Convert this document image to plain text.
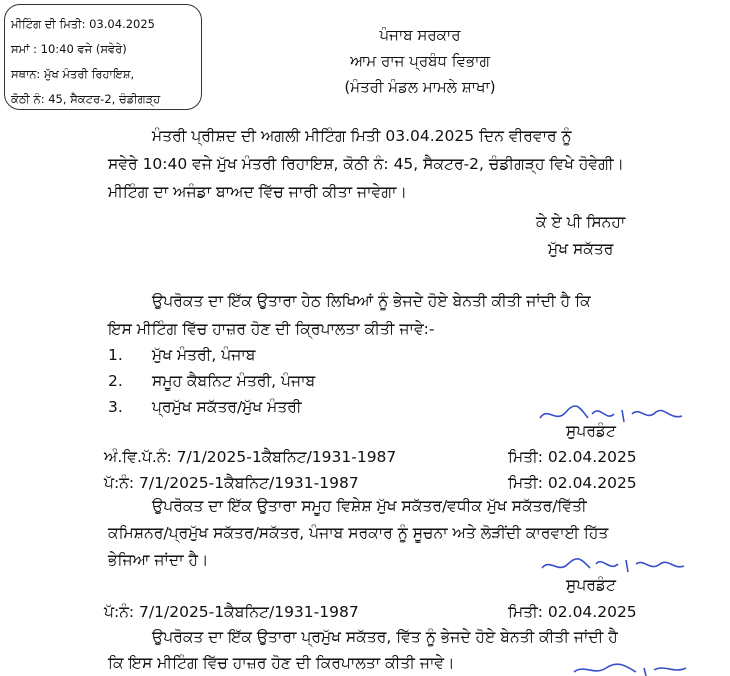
ਮੀਟਿੰਗ ਦੀ ਮਿਤੀ: 03.04.2025
ਸਮਾਂ : 10:40 ਵਜੇ (ਸਵੇਰੇ)
ਸਥਾਨ: ਮੁੱਖ ਮੰਤਰੀ ਰਿਹਾਇਸ਼,
ਕੋਠੀ ਨੰ: 45, ਸੈਕਟਰ-2, ਚੰਡੀਗੜ੍ਹ
ਪੰਜਾਬ ਸਰਕਾਰ
ਆਮ ਰਾਜ ਪ੍ਰਬੰਧ ਵਿਭਾਗ
(ਮੰਤਰੀ ਮੰਡਲ ਮਾਮਲੇ ਸ਼ਾਖਾ)
ਮੰਤਰੀ ਪ੍ਰੀਸ਼ਦ ਦੀ ਅਗਲੀ ਮੀਟਿੰਗ ਮਿਤੀ 03.04.2025 ਦਿਨ ਵੀਰਵਾਰ ਨੂੰ
ਸਵੇਰੇ 10:40 ਵਜੇ ਮੁੱਖ ਮੰਤਰੀ ਰਿਹਾਇਸ਼, ਕੋਠੀ ਨੰ: 45, ਸੈਕਟਰ-2, ਚੰਡੀਗੜ੍ਹ ਵਿਖੇ ਹੋਵੇਗੀ।
ਮੀਟਿੰਗ ਦਾ ਅਜੰਡਾ ਬਾਅਦ ਵਿੱਚ ਜਾਰੀ ਕੀਤਾ ਜਾਵੇਗਾ।
ਕੇ ਏ ਪੀ ਸਿਨਹਾ
ਮੁੱਖ ਸਕੱਤਰ
ਉਪਰੋਕਤ ਦਾ ਇੱਕ ਉਤਾਰਾ ਹੇਠ ਲਿਖਿਆਂ ਨੂੰ ਭੇਜਦੇ ਹੋਏ ਬੇਨਤੀ ਕੀਤੀ ਜਾਂਦੀ ਹੈ ਕਿ
ਇਸ ਮੀਟਿੰਗ ਵਿੱਚ ਹਾਜ਼ਰ ਹੋਣ ਦੀ ਕ੍ਰਿਪਾਲਤਾ ਕੀਤੀ ਜਾਵੇ:-
1. ਮੁੱਖ ਮੰਤਰੀ, ਪੰਜਾਬ
2. ਸਮੂਹ ਕੈਬਨਿਟ ਮੰਤਰੀ, ਪੰਜਾਬ
3. ਪ੍ਰਮੁੱਖ ਸਕੱਤਰ/ਮੁੱਖ ਮੰਤਰੀ
ਸੁਪਰਡੰਟ
ਅੰ.ਵਿ.ਪੱ.ਨੰ: 7/1/2025-1ਕੈਬਨਿਟ/1931-1987	ਮਿਤੀ: 02.04.2025
ਪੱ:ਨੰ: 7/1/2025-1ਕੈਬਨਿਟ/1931-1987	ਮਿਤੀ: 02.04.2025
ਉਪਰੋਕਤ ਦਾ ਇੱਕ ਉਤਾਰਾ ਸਮੂਹ ਵਿਸ਼ੇਸ਼ ਮੁੱਖ ਸਕੱਤਰ/ਵਧੀਕ ਮੁੱਖ ਸਕੱਤਰ/ਵਿੱਤੀ
ਕਮਿਸ਼ਨਰ/ਪ੍ਰਮੁੱਖ ਸਕੱਤਰ/ਸਕੱਤਰ, ਪੰਜਾਬ ਸਰਕਾਰ ਨੂੰ ਸੂਚਨਾ ਅਤੇ ਲੋੜੀਂਦੀ ਕਾਰਵਾਈ ਹਿੱਤ
ਭੇਜਿਆ ਜਾਂਦਾ ਹੈ।
ਸੁਪਰਡੰਟ
ਪੱ:ਨੰ: 7/1/2025-1ਕੈਬਨਿਟ/1931-1987	ਮਿਤੀ: 02.04.2025
ਉਪਰੋਕਤ ਦਾ ਇੱਕ ਉਤਾਰਾ ਪ੍ਰਮੁੱਖ ਸਕੱਤਰ, ਵਿੱਤ ਨੂੰ ਭੇਜਦੇ ਹੋਏ ਬੇਨਤੀ ਕੀਤੀ ਜਾਂਦੀ ਹੈ
ਕਿ ਇਸ ਮੀਟਿੰਗ ਵਿੱਚ ਹਾਜ਼ਰ ਹੋਣ ਦੀ ਕਿਰਪਾਲਤਾ ਕੀਤੀ ਜਾਵੇ।
